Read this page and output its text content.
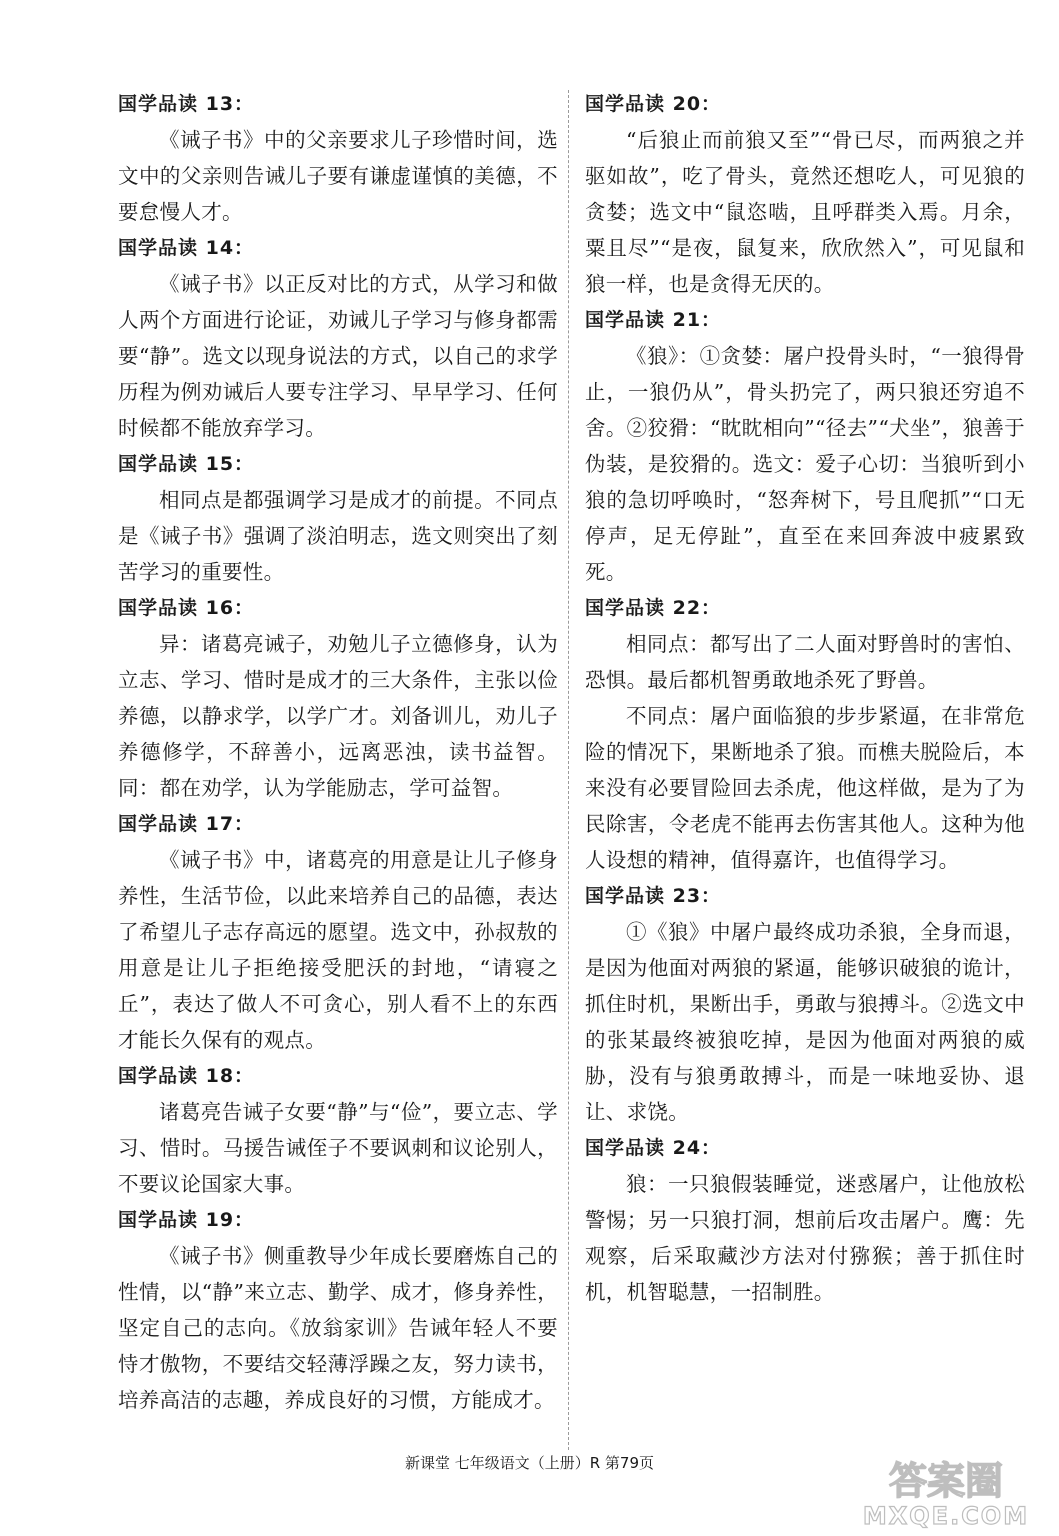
国学品读 13：

《诫子书》中的父亲要求儿子珍惜时间，选文中的父亲则告诫儿子要有谦虚谨慎的美德，不要怠慢人才。

国学品读 14：

《诫子书》以正反对比的方式，从学习和做人两个方面进行论证，劝诫儿子学习与修身都需要“静”。选文以现身说法的方式，以自己的求学历程为例劝诫后人要专注学习、早早学习、任何时候都不能放弃学习。

国学品读 15：

相同点是都强调学习是成才的前提。不同点是《诫子书》强调了淡泊明志，选文则突出了刻苦学习的重要性。

国学品读 16：

异：诸葛亮诫子，劝勉儿子立德修身，认为立志、学习、惜时是成才的三大条件，主张以俭养德，以静求学，以学广才。刘备训儿，劝儿子养德修学，不辞善小，远离恶浊，读书益智。同：都在劝学，认为学能励志，学可益智。

国学品读 17：

《诫子书》中，诸葛亮的用意是让儿子修身养性，生活节俭，以此来培养自己的品德，表达了希望儿子志存高远的愿望。选文中，孙叔敖的用意是让儿子拒绝接受肥沃的封地，“请寝之丘”，表达了做人不可贪心，别人看不上的东西才能长久保有的观点。

国学品读 18：

诸葛亮告诫子女要“静”与“俭”，要立志、学习、惜时。马援告诫侄子不要讽刺和议论别人，不要议论国家大事。

国学品读 19：

《诫子书》侧重教导少年成长要磨炼自己的性情，以“静”来立志、勤学、成才，修身养性，坚定自己的志向。《放翁家训》告诫年轻人不要恃才傲物，不要结交轻薄浮躁之友，努力读书，培养高洁的志趣，养成良好的习惯，方能成才。

国学品读 20：

“后狼止而前狼又至”“骨已尽，而两狼之并驱如故”，吃了骨头，竟然还想吃人，可见狼的贪婪；选文中“鼠恣啮，且呼群类入焉。月余，粟且尽”“是夜，鼠复来，欣欣然入”，可见鼠和狼一样，也是贪得无厌的。

国学品读 21：

《狼》：①贪婪：屠户投骨头时，“一狼得骨止，一狼仍从”，骨头扔完了，两只狼还穷追不舍。②狡猾：“眈眈相向”“径去”“犬坐”，狼善于伪装，是狡猾的。选文：爱子心切：当狼听到小狼的急切呼唤时，“怒奔树下，号且爬抓”“口无停声，足无停趾”，直至在来回奔波中疲累致死。

国学品读 22：

相同点：都写出了二人面对野兽时的害怕、恐惧。最后都机智勇敢地杀死了野兽。

不同点：屠户面临狼的步步紧逼，在非常危险的情况下，果断地杀了狼。而樵夫脱险后，本来没有必要冒险回去杀虎，他这样做，是为了为民除害，令老虎不能再去伤害其他人。这种为他人设想的精神，值得嘉许，也值得学习。

国学品读 23：

①《狼》中屠户最终成功杀狼，全身而退，是因为他面对两狼的紧逼，能够识破狼的诡计，抓住时机，果断出手，勇敢与狼搏斗。②选文中的张某最终被狼吃掉，是因为他面对两狼的威胁，没有与狼勇敢搏斗，而是一味地妥协、退让、求饶。

国学品读 24：

狼：一只狼假装睡觉，迷惑屠户，让他放松警惕；另一只狼打洞，想前后攻击屠户。鹰：先观察，后采取藏沙方法对付猕猴；善于抓住时机，机智聪慧，一招制胜。

新课堂 七年级语文（上册）R 第79页	答案圈
MXQE.COM
